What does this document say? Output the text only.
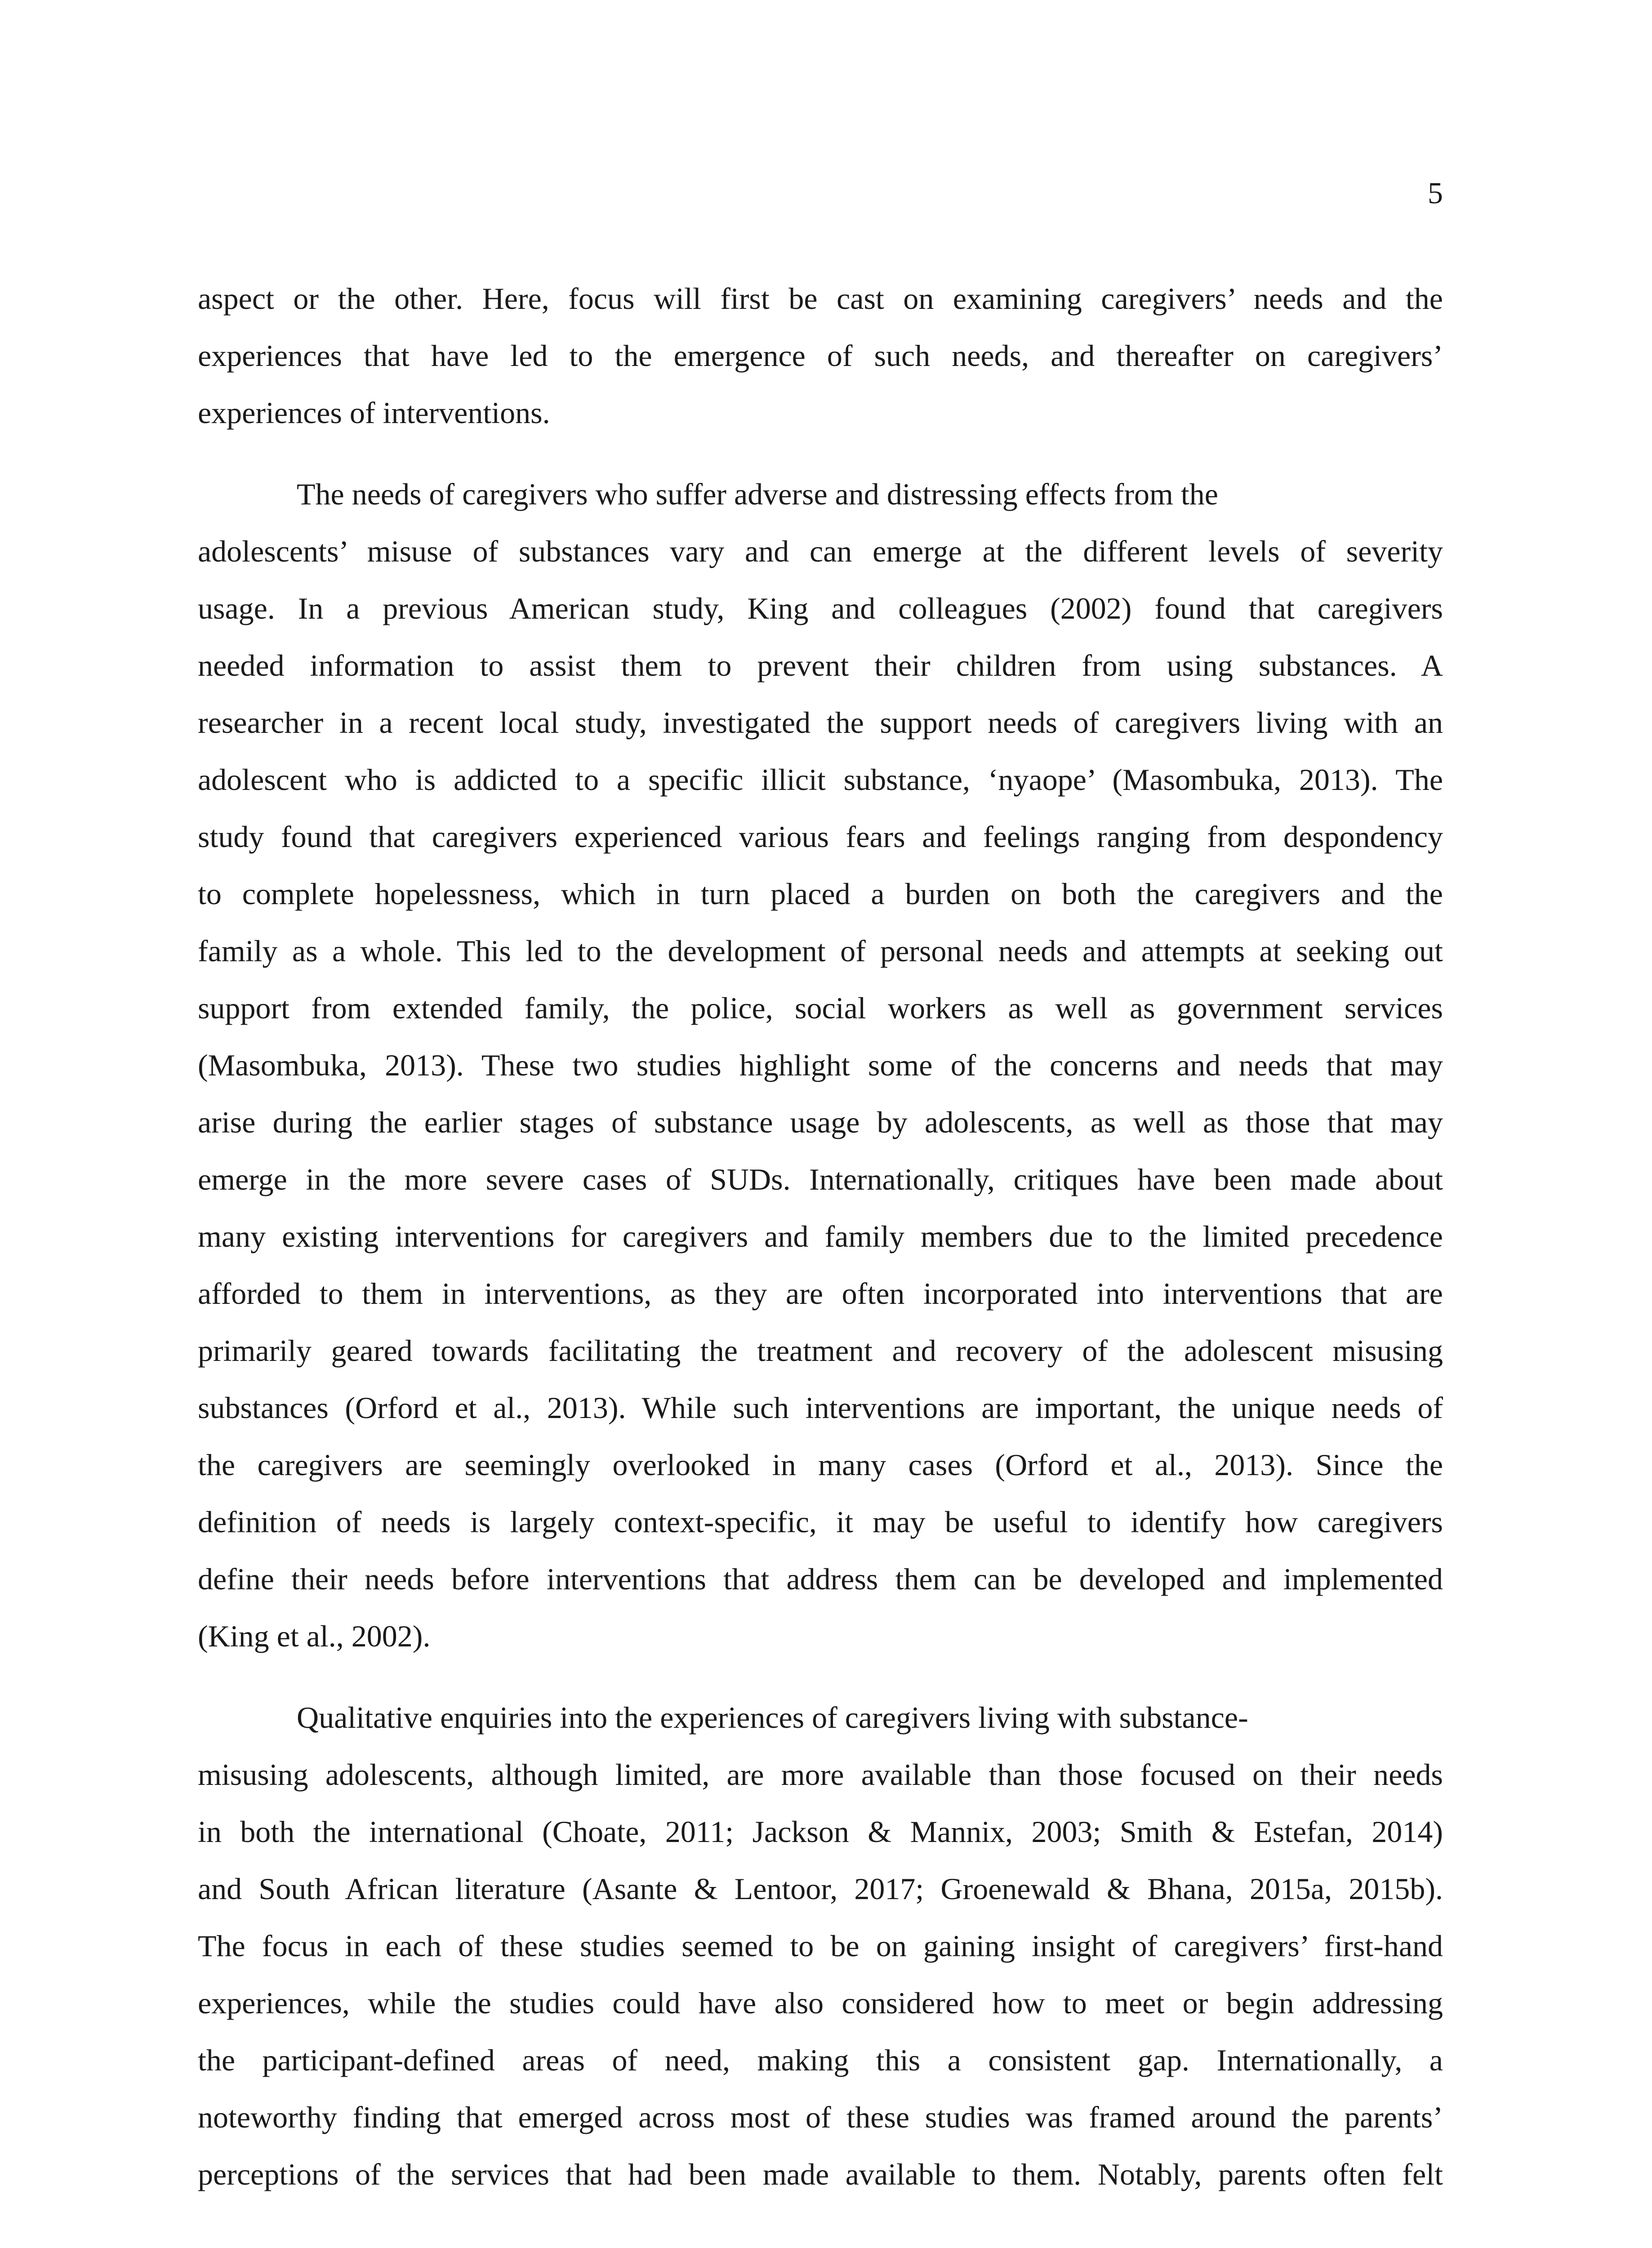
5
aspect or the other. Here, focus will first be cast on examining caregivers’ needs and the
experiences that have led to the emergence of such needs, and thereafter on caregivers’
experiences of interventions.
The needs of caregivers who suffer adverse and distressing effects from the
adolescents’ misuse of substances vary and can emerge at the different levels of severity
usage. In a previous American study, King and colleagues (2002) found that caregivers
needed information to assist them to prevent their children from using substances. A
researcher in a recent local study, investigated the support needs of caregivers living with an
adolescent who is addicted to a specific illicit substance, ‘nyaope’ (Masombuka, 2013). The
study found that caregivers experienced various fears and feelings ranging from despondency
to complete hopelessness, which in turn placed a burden on both the caregivers and the
family as a whole. This led to the development of personal needs and attempts at seeking out
support from extended family, the police, social workers as well as government services
(Masombuka, 2013). These two studies highlight some of the concerns and needs that may
arise during the earlier stages of substance usage by adolescents, as well as those that may
emerge in the more severe cases of SUDs. Internationally, critiques have been made about
many existing interventions for caregivers and family members due to the limited precedence
afforded to them in interventions, as they are often incorporated into interventions that are
primarily geared towards facilitating the treatment and recovery of the adolescent misusing
substances (Orford et al., 2013). While such interventions are important, the unique needs of
the caregivers are seemingly overlooked in many cases (Orford et al., 2013). Since the
definition of needs is largely context-specific, it may be useful to identify how caregivers
define their needs before interventions that address them can be developed and implemented
(King et al., 2002).
Qualitative enquiries into the experiences of caregivers living with substance-
misusing adolescents, although limited, are more available than those focused on their needs
in both the international (Choate, 2011; Jackson & Mannix, 2003; Smith & Estefan, 2014)
and South African literature (Asante & Lentoor, 2017; Groenewald & Bhana, 2015a, 2015b).
The focus in each of these studies seemed to be on gaining insight of caregivers’ first-hand
experiences, while the studies could have also considered how to meet or begin addressing
the participant-defined areas of need, making this a consistent gap. Internationally, a
noteworthy finding that emerged across most of these studies was framed around the parents’
perceptions of the services that had been made available to them. Notably, parents often felt
